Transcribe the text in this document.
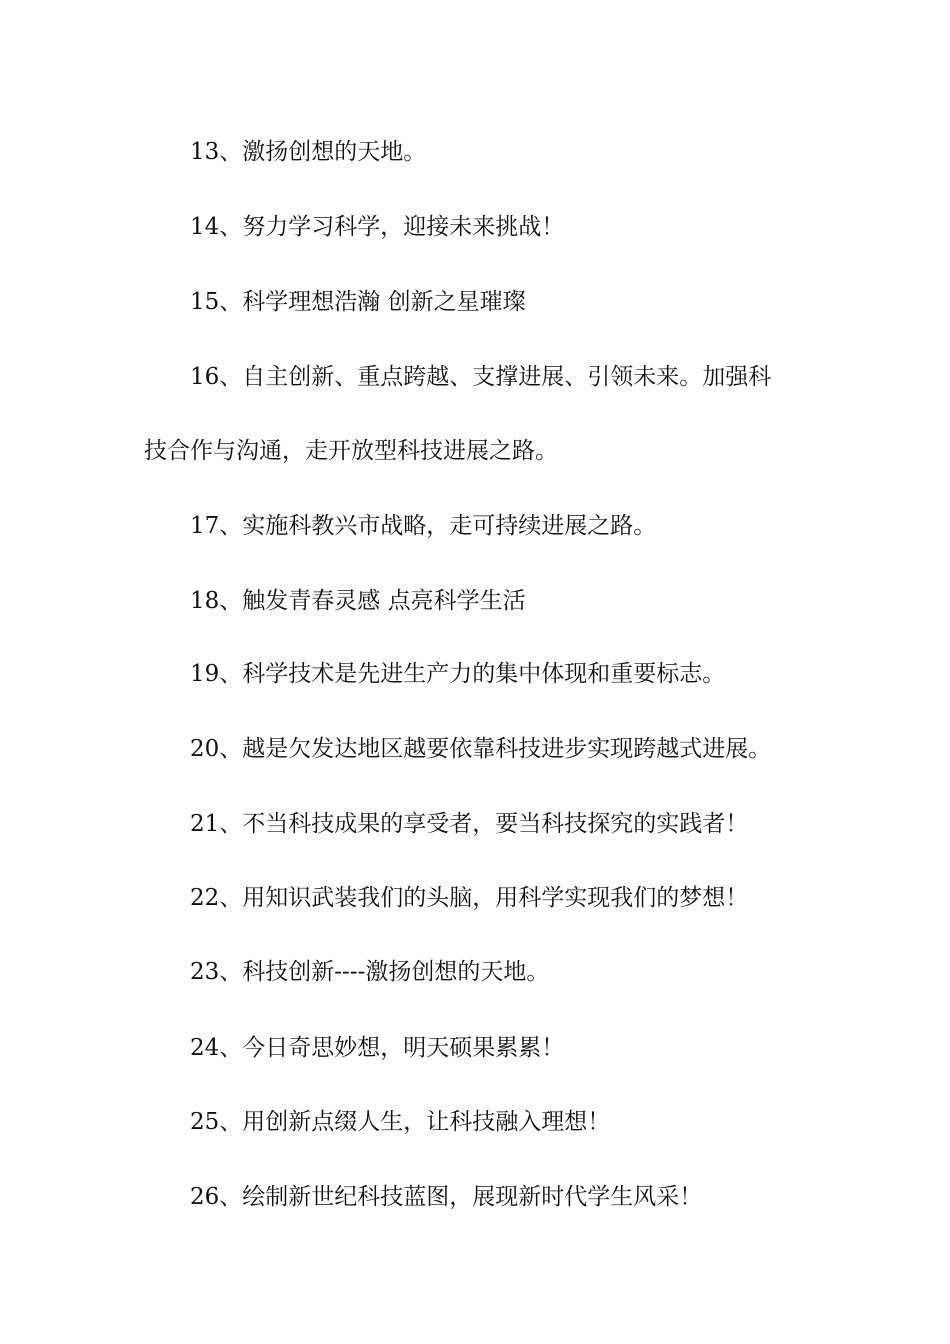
13、激扬创想的天地。
14、努力学习科学，迎接未来挑战！
15、科学理想浩瀚 创新之星璀璨
16、自主创新、重点跨越、支撑进展、引领未来。加强科
技合作与沟通，走开放型科技进展之路。
17、实施科教兴市战略，走可持续进展之路。
18、触发青春灵感 点亮科学生活
19、科学技术是先进生产力的集中体现和重要标志。
20、越是欠发达地区越要依靠科技进步实现跨越式进展。
21、不当科技成果的享受者，要当科技探究的实践者！
22、用知识武装我们的头脑，用科学实现我们的梦想！
23、科技创新----激扬创想的天地。
24、今日奇思妙想，明天硕果累累！
25、用创新点缀人生，让科技融入理想！
26、绘制新世纪科技蓝图，展现新时代学生风采！
